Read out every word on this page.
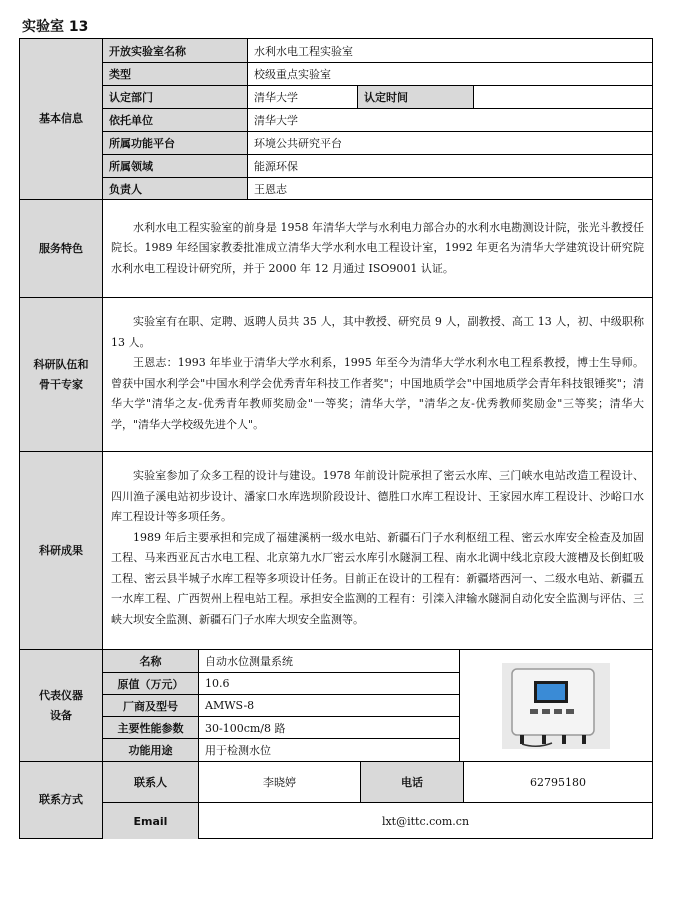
实验室 13
基本信息
开放实验室名称	水利水电工程实验室
类型	校级重点实验室
认定部门	清华大学	认定时间
依托单位	清华大学
所属功能平台	环境公共研究平台
所属领域	能源环保
负责人	王恩志
服务特色

水利水电工程实验室的前身是 1958 年清华大学与水利电力部合办的水利水电勘测设计院，张光斗教授任院长。1989 年经国家教委批准成立清华大学水利水电工程设计室，1992 年更名为清华大学建筑设计研究院水利水电工程设计研究所，并于 2000 年 12 月通过 ISO9001 认证。

科研队伍和
骨干专家

实验室有在职、定聘、返聘人员共 35 人，其中教授、研究员 9 人，副教授、高工 13 人，初、中级职称 13 人。

王恩志：1993 年毕业于清华大学水利系，1995 年至今为清华大学水利水电工程系教授，博士生导师。曾获中国水利学会"中国水利学会优秀青年科技工作者奖"；中国地质学会"中国地质学会青年科技银锤奖"；清华大学"清华之友-优秀青年教师奖励金"一等奖；清华大学，"清华之友-优秀教师奖励金"三等奖；清华大学，"清华大学校级先进个人"。

科研成果

实验室参加了众多工程的设计与建设。1978 年前设计院承担了密云水库、三门峡水电站改造工程设计、四川渔子溪电站初步设计、潘家口水库选坝阶段设计、德胜口水库工程设计、王家园水库工程设计、沙峪口水库工程设计等多项任务。

1989 年后主要承担和完成了福建溪柄一级水电站、新疆石门子水利枢纽工程、密云水库安全检查及加固工程、马来西亚瓦古水电工程、北京第九水厂密云水库引水隧洞工程、南水北调中线北京段大渡槽及长倒虹吸工程、密云县半城子水库工程等多项设计任务。目前正在设计的工程有：新疆塔西河一、二级水电站、新疆五一水库工程、广西贺州上程电站工程。承担安全监测的工程有：引滦入津输水隧洞自动化安全监测与评估、三峡大坝安全监测、新疆石门子水库大坝安全监测等。

代表仪器
设备
名称	自动水位测量系统
原值（万元）	10.6
厂商及型号	AMWS-8
主要性能参数	30-100cm/8 路
功能用途	用于检测水位
联系方式
联系人	李晓婷	电话	62795180
Email	lxt@ittc.com.cn
